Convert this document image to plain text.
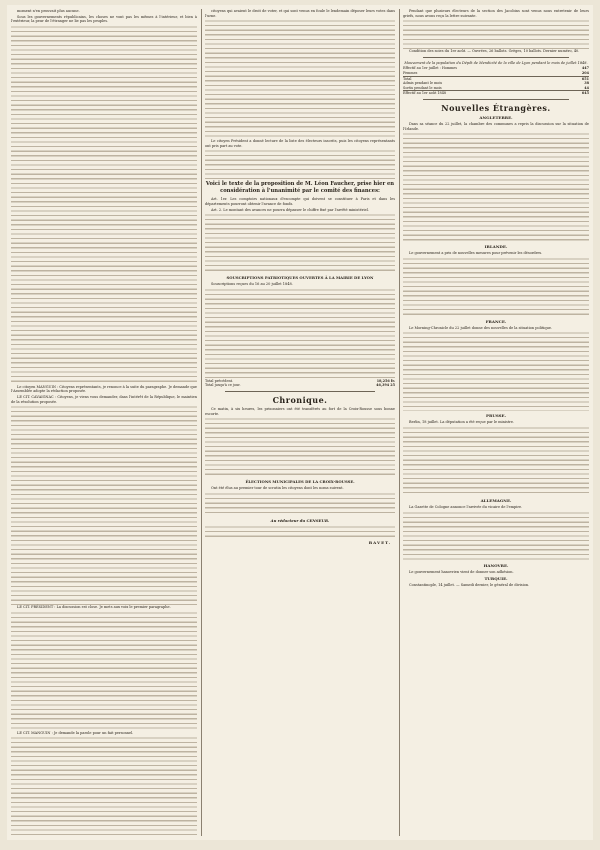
moment n'en prouvait plus aucune.

Sous les gouvernements républicains, les choses ne vont pas les mêmes à l'intérieur, et bien à l'extérieur, la peur de l'étranger ne lie pas les peuples.

Le citoyen MANGUIN : Citoyens représentants, je renonce à la suite du paragraphe. Je demande que l'Assemblée adopte la rédaction proposée.

LE CIT. CAVAIGNAC : Citoyens, je viens vous demander, dans l'intérêt de la République, le maintien de la résolution proposée.

LE CIT. PRÉSIDENT : La discussion est close. Je mets aux voix le premier paragraphe.

LE CIT. MANGUIN : Je demande la parole pour un fait personnel.

citoyens qui avaient le droit de voter, et qui sont venus en foule le lendemain déposer leurs votes dans l'urne.

Le citoyen Président a donné lecture de la liste des électeurs inscrits, puis les citoyens représentants ont pris part au vote.

Voici le texte de la proposition de M. Léon Faucher, prise hier en considération à l'unanimité par le comité des finances:

Art. 1er. Les comptoirs nationaux d'escompte qui doivent se constituer à Paris et dans les départements pourront obtenir l'avance de fonds.

Art. 2. Le montant des avances ne pourra dépasser le chiffre fixé par l'arrêté ministériel.

SOUSCRIPTIONS PATRIOTIQUES OUVERTES À LA MAIRIE DE LYON

Souscriptions reçues du 16 au 20 juillet 1848.

Total précédent.	18,256 fr.
Total jusqu'à ce jour.	46,394 25
Chronique.

Ce matin, à six heures, les prisonniers ont été transférés au fort de la Croix-Rousse sous bonne escorte.

ÉLECTIONS MUNICIPALES DE LA CROIX-ROUSSE.

Ont été élus au premier tour de scrutin les citoyens dont les noms suivent.

Au rédacteur du CENSEUR.
BAVET.

Pendant que plusieurs électeurs de la section des Jacobins sont venus nous entretenir de leurs griefs, nous avons reçu la lettre suivante.

Condition des soies du 1er août. — Ouvrées, 26 ballots. Grèges, 10 ballots. Dernier numéro, 40.

Mouvement de la population du Dépôt de Mendicité de la ville de Lyon pendant le mois de juillet 1848.

Effectif au 1er juillet : Hommes	447
Femmes	204
Total	651
Admis pendant le mois	38
Sortis pendant le mois	44
Effectif au 1er août 1848	645
Nouvelles Étrangères.
ANGLETERRE.

Dans sa séance du 22 juillet, la chambre des communes a repris la discussion sur la situation de l'Irlande.

IRLANDE.

Le gouvernement a pris de nouvelles mesures pour prévenir les désordres.

FRANCE.

Le Morning-Chronicle du 22 juillet donne des nouvelles de la situation politique.

PRUSSE.

Berlin, 18 juillet. La députation a été reçue par le ministre.

ALLEMAGNE.

La Gazette de Cologne annonce l'arrivée du vicaire de l'empire.

HANOVRE.

Le gouvernement hanovrien vient de donner son adhésion.

TURQUIE.

Constantinople, 14 juillet. — Samedi dernier, le général de division.
